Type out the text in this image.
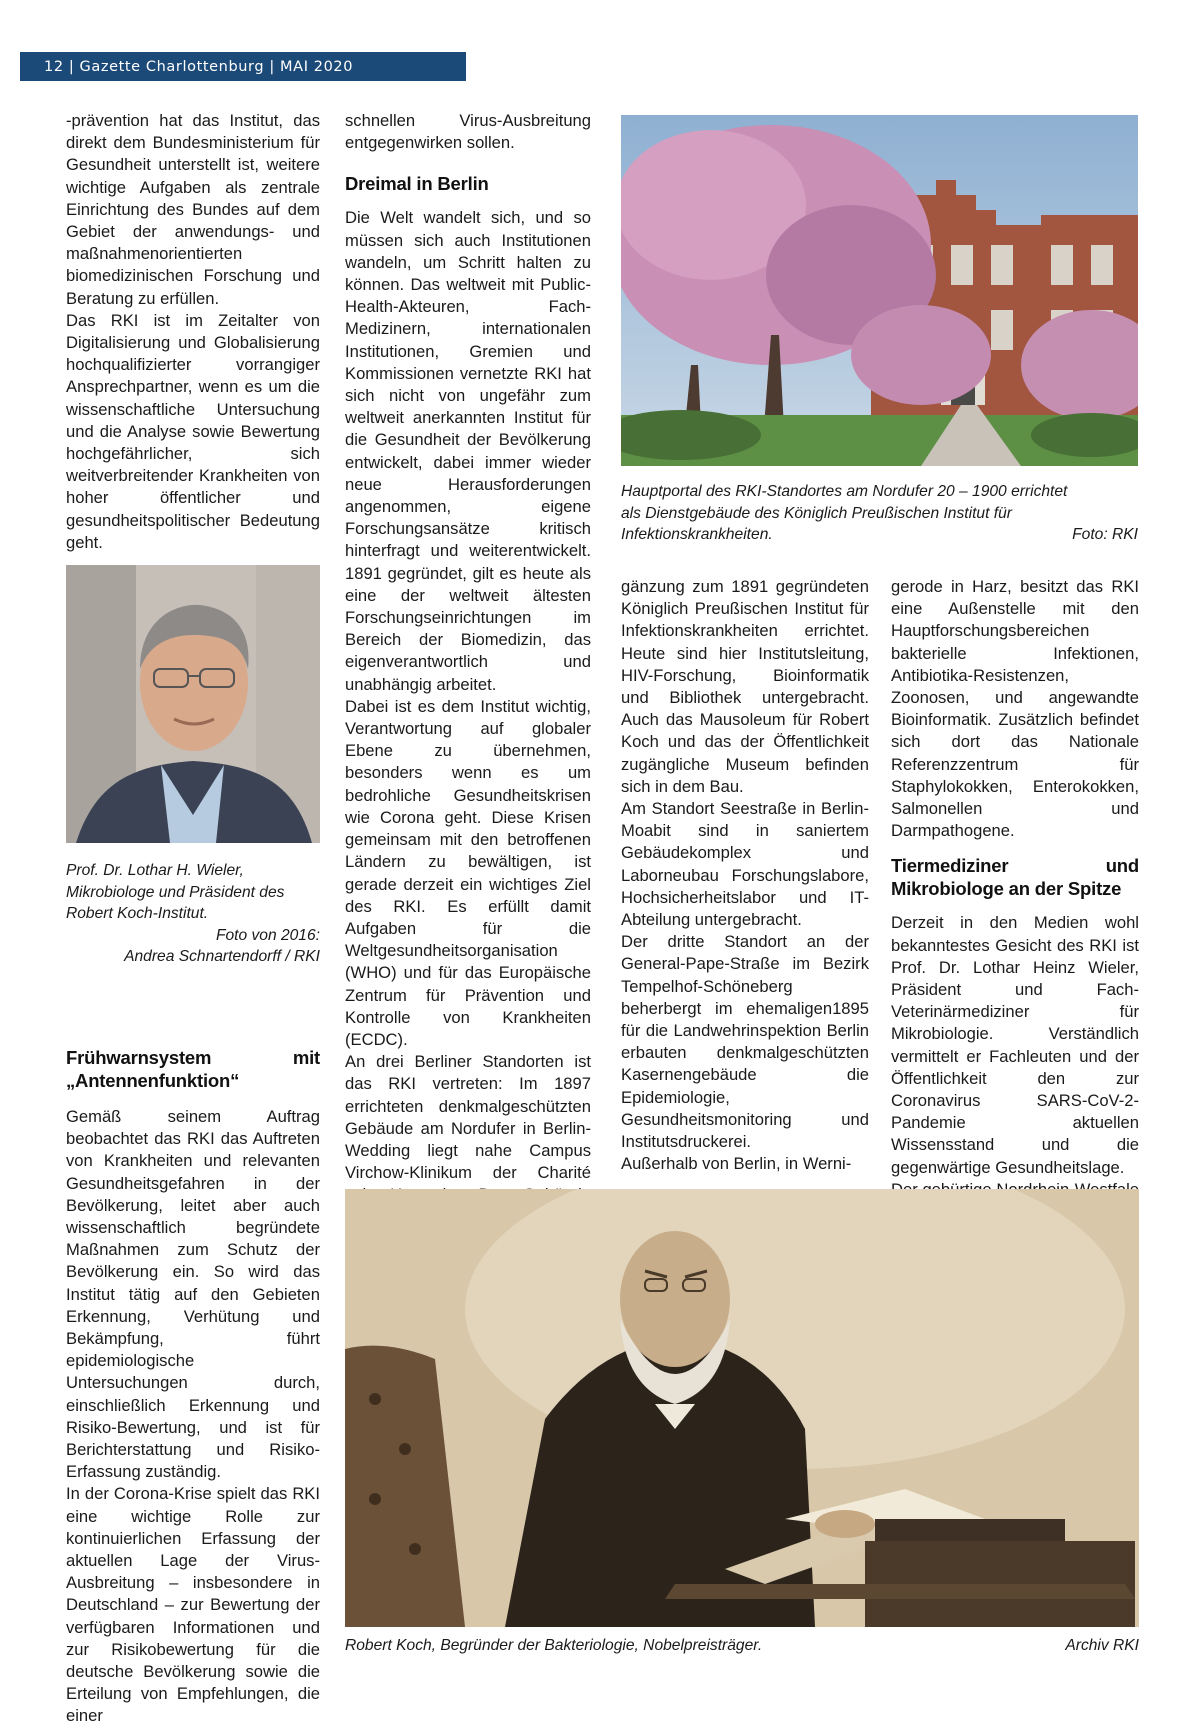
12 | Gazette Charlottenburg | MAI 2020

-prävention hat das Institut, das direkt dem Bundesministerium für Gesundheit unterstellt ist, weitere wichtige Aufgaben als zentrale Einrichtung des Bundes auf dem Gebiet der anwendungs- und maßnahmenorientierten biomedizinischen Forschung und Beratung zu erfüllen.

Das RKI ist im Zeitalter von Digitalisierung und Globalisierung hochqualifizierter vorrangiger Ansprechpartner, wenn es um die wissenschaftliche Untersuchung und die Analyse sowie Bewertung hochgefährlicher, sich weitverbreitender Krankheiten von hoher öffentlicher und gesundheitspolitischer Bedeutung geht.

Prof. Dr. Lothar H. Wieler,
Mikrobiologe und Präsident des
Robert Koch-Institut.
Foto von 2016:
Andrea Schnartendorff / RKI
Frühwarnsystem mit „Antennenfunktion“

Gemäß seinem Auftrag beobachtet das RKI das Auftreten von Krankheiten und relevanten Gesundheitsgefahren in der Bevölkerung, leitet aber auch wissenschaftlich begründete Maßnahmen zum Schutz der Bevölkerung ein. So wird das Institut tätig auf den Gebieten Erkennung, Verhütung und Bekämpfung, führt epidemiologische Untersuchungen durch, einschließlich Erkennung und Risiko-Bewertung, und ist für Berichterstattung und Risiko-Erfassung zuständig.

In der Corona-Krise spielt das RKI eine wichtige Rolle zur kontinuierlichen Erfassung der aktuellen Lage der Virus-Ausbreitung – insbesondere in Deutschland – zur Bewertung der verfügbaren Informationen und zur Risikobewertung für die deutsche Bevölkerung sowie die Erteilung von Empfehlungen, die einer

schnellen Virus-Ausbreitung entgegenwirken sollen.

Dreimal in Berlin

Die Welt wandelt sich, und so müssen sich auch Institutionen wandeln, um Schritt halten zu können. Das weltweit mit Public-Health-Akteuren, Fach-Medizinern, internationalen Institutionen, Gremien und Kommissionen vernetzte RKI hat sich nicht von ungefähr zum weltweit anerkannten Institut für die Gesundheit der Bevölkerung entwickelt, dabei immer wieder neue Herausforderungen angenommen, eigene Forschungsansätze kritisch hinterfragt und weiterentwickelt. 1891 gegründet, gilt es heute als eine der weltweit ältesten Forschungseinrichtungen im Bereich der Biomedizin, das eigenverantwortlich und unabhängig arbeitet.

Dabei ist es dem Institut wichtig, Verantwortung auf globaler Ebene zu übernehmen, besonders wenn es um bedrohliche Gesundheitskrisen wie Corona geht. Diese Krisen gemeinsam mit den betroffenen Ländern zu bewältigen, ist gerade derzeit ein wichtiges Ziel des RKI. Es erfüllt damit Aufgaben für die Weltgesundheitsorganisation (WHO) und für das Europäische Zentrum für Prävention und Kontrolle von Krankheiten (ECDC).

An drei Berliner Standorten ist das RKI vertreten: Im 1897 errichteten denkmalgeschützten Gebäude am Nordufer in Berlin-Wedding liegt nahe Campus Virchow-Klinikum der Charité

Hauptportal des RKI-Standortes am Nordufer 20 – 1900 errichtet
als Dienstgebäude des Königlich Preußischen Institut für
Infektionskrankheiten.	Foto: RKI

gänzung zum 1891 gegründeten Königlich Preußischen Institut für Infektionskrankheiten errichtet. Heute sind hier Institutsleitung, HIV-Forschung, Bioinformatik und Bibliothek untergebracht. Auch das Mausoleum für Robert Koch und das der Öffentlichkeit zugängliche Museum befinden sich in dem Bau.

Am Standort Seestraße in Berlin-Moabit sind in saniertem Gebäudekomplex und Laborneubau Forschungslabore, Hochsicherheitslabor und IT-Abteilung untergebracht.

Der dritte Standort an der General-Pape-Straße im Bezirk Tempelhof-Schöneberg beherbergt im ehemaligen1895 für die Landwehrinspektion Berlin erbauten denkmalgeschützten Kasernengebäude die Epidemiologie, Gesundheitsmonitoring und Institutsdruckerei.

Außerhalb von Berlin, in Werni-

gerode in Harz, besitzt das RKI eine Außenstelle mit den Hauptforschungsbereichen bakterielle Infektionen, Antibiotika-Resistenzen, Zoonosen, und angewandte Bioinformatik. Zusätzlich befindet sich dort das Nationale Referenzzentrum für Staphylokokken, Enterokokken, Salmonellen und Darmpathogene.

Tiermediziner und Mikrobiologe an der Spitze

Derzeit in den Medien wohl bekanntestes Gesicht des RKI ist Prof. Dr. Lothar Heinz Wieler, Präsident und Fach-Veterinärmediziner für Mikrobiologie. Verständlich vermittelt er Fachleuten und der Öffentlichkeit den zur Coronavirus SARS-CoV-2-Pandemie aktuellen Wissensstand und die gegenwärtige Gesundheitslage.

Robert Koch, Begründer der Bakteriologie, Nobelpreisträger.	Archiv RKI
